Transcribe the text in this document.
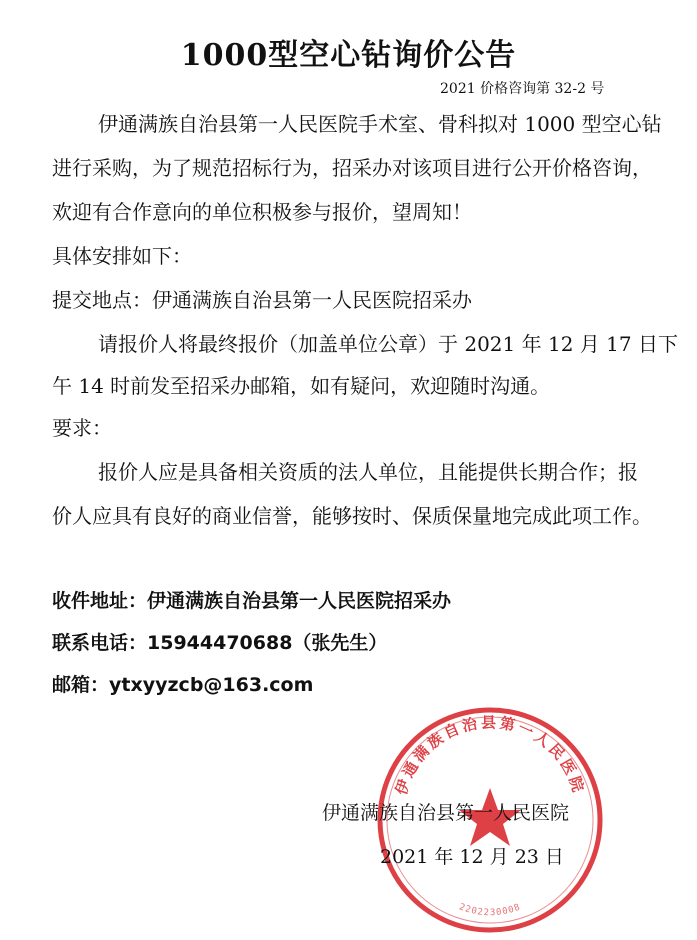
1000型空心钻询价公告
2021 价格咨询第 32-2 号
伊通满族自治县第一人民医院手术室、骨科拟对 1000 型空心钻
进行采购，为了规范招标行为，招采办对该项目进行公开价格咨询，
欢迎有合作意向的单位积极参与报价，望周知！
具体安排如下：
提交地点：伊通满族自治县第一人民医院招采办
请报价人将最终报价（加盖单位公章）于 2021 年 12 月 17 日下
午 14 时前发至招采办邮箱，如有疑问，欢迎随时沟通。
要求：
报价人应是具备相关资质的法人单位，且能提供长期合作；报
价人应具有良好的商业信誉，能够按时、保质保量地完成此项工作。
收件地址：伊通满族自治县第一人民医院招采办
联系电话：15944470688（张先生）
邮箱：ytxyyzcb@163.com
伊通满族自治县第一人民医院
2202230008
伊通满族自治县第一人民医院
2021 年 12 月 23 日
